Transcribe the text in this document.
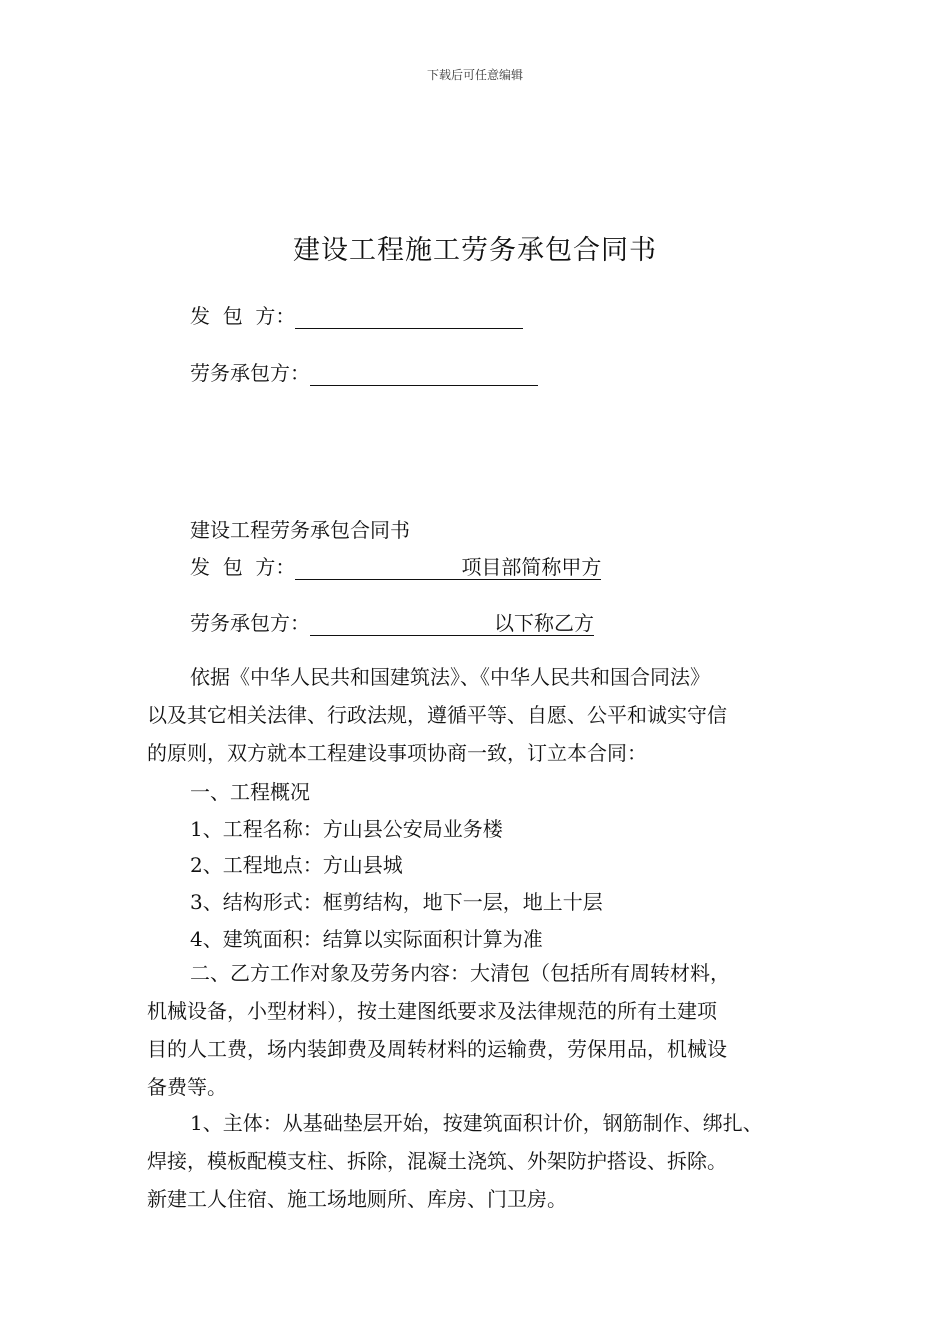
下载后可任意编辑
建设工程施工劳务承包合同书
发  包  方：
劳务承包方：
建设工程劳务承包合同书
发  包  方：	项目部简称甲方
劳务承包方：	以下称乙方
依据《中华人民共和国建筑法》、《中华人民共和国合同法》
以及其它相关法律、行政法规，遵循平等、自愿、公平和诚实守信
的原则，双方就本工程建设事项协商一致，订立本合同：
一、工程概况
1、工程名称：方山县公安局业务楼
2、工程地点：方山县城
3、结构形式：框剪结构，地下一层，地上十层
4、建筑面积：结算以实际面积计算为准
二、乙方工作对象及劳务内容：大清包（包括所有周转材料，
机械设备，小型材料），按土建图纸要求及法律规范的所有土建项
目的人工费，场内装卸费及周转材料的运输费，劳保用品，机械设
备费等。
1、主体：从基础垫层开始，按建筑面积计价，钢筋制作、绑扎、
焊接，模板配模支柱、拆除，混凝土浇筑、外架防护搭设、拆除。
新建工人住宿、施工场地厕所、库房、门卫房。
